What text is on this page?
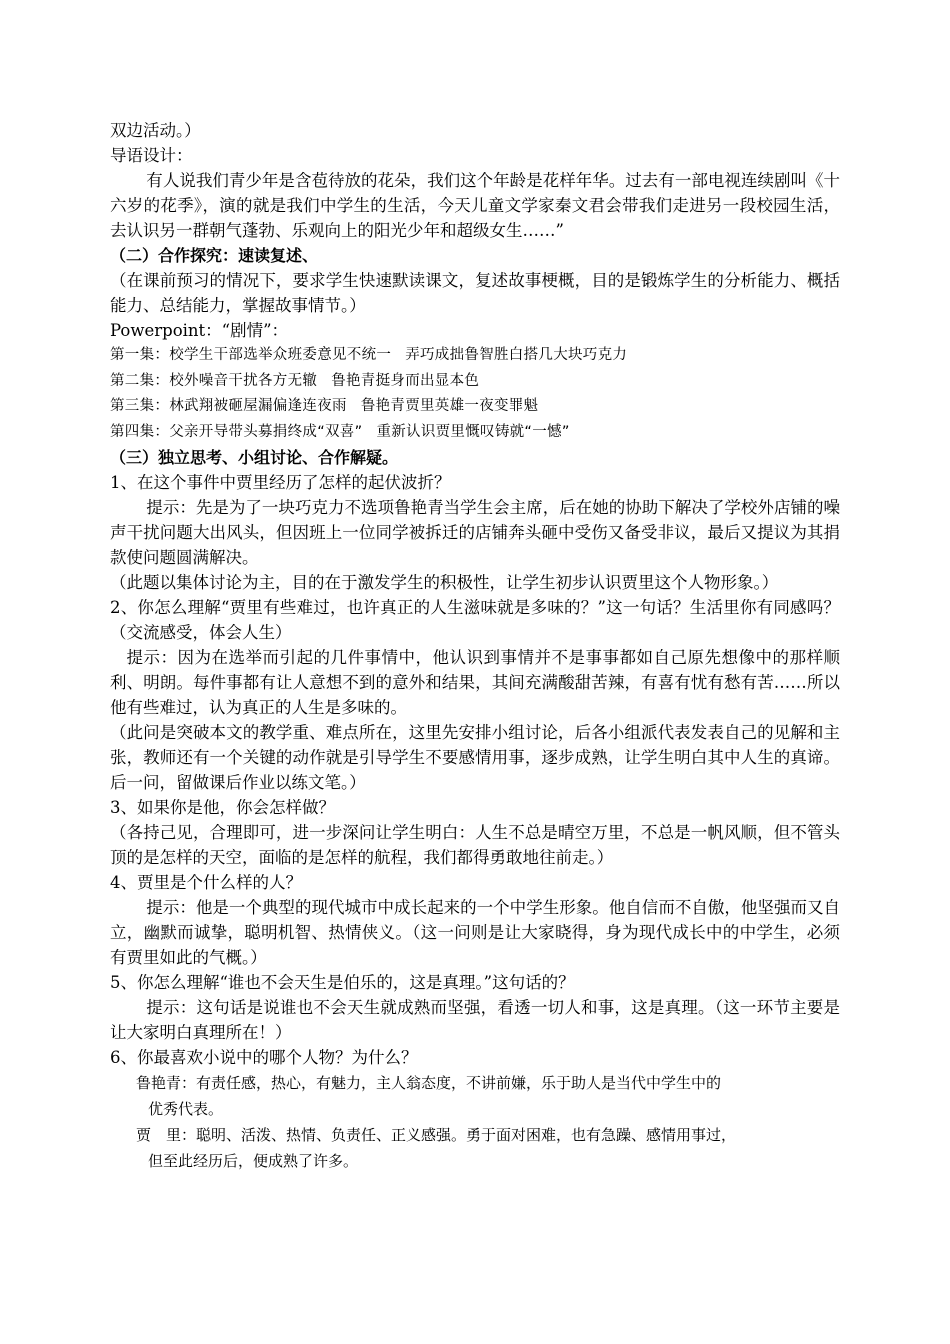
双边活动。）

导语设计：

有人说我们青少年是含苞待放的花朵，我们这个年龄是花样年华。过去有一部电视连续剧叫《十六岁的花季》，演的就是我们中学生的生活，今天儿童文学家秦文君会带我们走进另一段校园生活，去认识另一群朝气蓬勃、乐观向上的阳光少年和超级女生……”

（二）合作探究：速读复述、

（在课前预习的情况下，要求学生快速默读课文，复述故事梗概，目的是锻炼学生的分析能力、概括能力、总结能力，掌握故事情节。）

Powerpoint：“剧情”：

第一集：校学生干部选举众班委意见不统一 弄巧成拙鲁智胜白搭几大块巧克力

第二集：校外噪音干扰各方无辙 鲁艳青挺身而出显本色

第三集：林武翔被砸屋漏偏逢连夜雨 鲁艳青贾里英雄一夜变罪魁

第四集：父亲开导带头募捐终成“双喜” 重新认识贾里慨叹铸就“一憾”

（三）独立思考、小组讨论、合作解疑。

1、在这个事件中贾里经历了怎样的起伏波折？

提示：先是为了一块巧克力不选项鲁艳青当学生会主席，后在她的协助下解决了学校外店铺的噪声干扰问题大出风头，但因班上一位同学被拆迁的店铺奔头砸中受伤又备受非议，最后又提议为其捐款使问题圆满解决。

（此题以集体讨论为主，目的在于激发学生的积极性，让学生初步认识贾里这个人物形象。）

2、你怎么理解“贾里有些难过，也许真正的人生滋味就是多味的？”这一句话？生活里你有同感吗？（交流感受，体会人生）

提示：因为在选举而引起的几件事情中，他认识到事情并不是事事都如自己原先想像中的那样顺利、明朗。每件事都有让人意想不到的意外和结果，其间充满酸甜苦辣，有喜有忧有愁有苦……所以他有些难过，认为真正的人生是多味的。

（此问是突破本文的教学重、难点所在，这里先安排小组讨论，后各小组派代表发表自己的见解和主张，教师还有一个关键的动作就是引导学生不要感情用事，逐步成熟，让学生明白其中人生的真谛。后一问，留做课后作业以练文笔。）

3、如果你是他，你会怎样做？

（各持己见，合理即可，进一步深问让学生明白：人生不总是晴空万里，不总是一帆风顺，但不管头顶的是怎样的天空，面临的是怎样的航程，我们都得勇敢地往前走。）

4、贾里是个什么样的人？

提示：他是一个典型的现代城市中成长起来的一个中学生形象。他自信而不自傲，他坚强而又自立，幽默而诚挚，聪明机智、热情侠义。（这一问则是让大家晓得，身为现代成长中的中学生，必须有贾里如此的气概。）

5、你怎么理解“谁也不会天生是伯乐的，这是真理。”这句话的？

提示：这句话是说谁也不会天生就成熟而坚强，看透一切人和事，这是真理。（这一环节主要是让大家明白真理所在！）

6、你最喜欢小说中的哪个人物？为什么？

鲁艳青：有责任感，热心，有魅力，主人翁态度，不讲前嫌，乐于助人是当代中学生中的
优秀代表。

贾　里：聪明、活泼、热情、负责任、正义感强。勇于面对困难，也有急躁、感情用事过，
但至此经历后，便成熟了许多。
